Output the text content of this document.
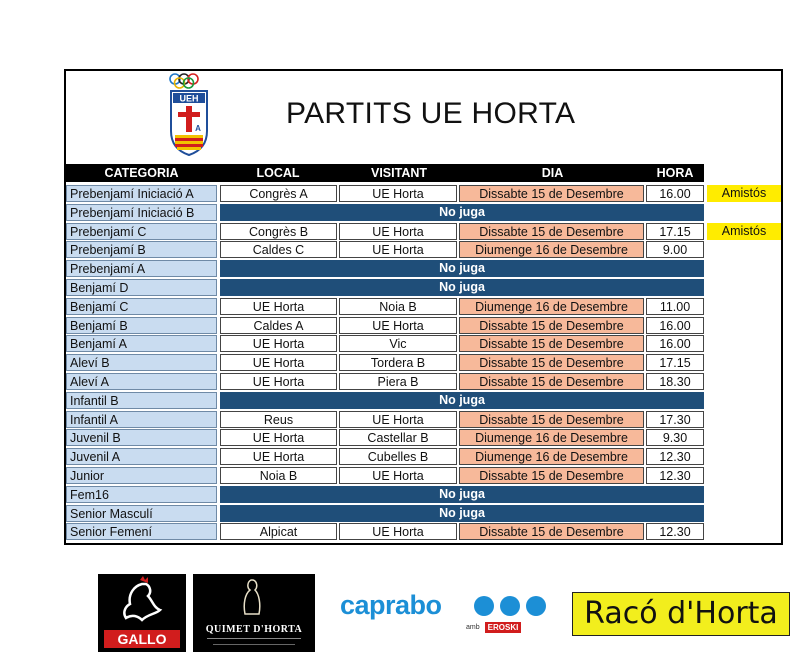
UEH
A	PARTITS UE HORTA
CATEGORIA	LOCAL	VISITANT	DIA	HORA
Prebenjamí Iniciació A	Congrès A	UE Horta	Dissabte 15 de Desembre	16.00	Amistós
Prebenjamí Iniciació B	No juga
Prebenjamí C	Congrès B	UE Horta	Dissabte 15 de Desembre	17.15	Amistós
Prebenjamí B	Caldes C	UE Horta	Diumenge 16 de Desembre	9.00
Prebenjamí A	No juga
Benjamí D	No juga
Benjamí C	UE Horta	Noia B	Diumenge 16 de Desembre	11.00
Benjamí B	Caldes A	UE Horta	Dissabte 15 de Desembre	16.00
Benjamí A	UE Horta	Vic	Dissabte 15 de Desembre	16.00
Aleví B	UE Horta	Tordera B	Dissabte 15 de Desembre	17.15
Aleví A	UE Horta	Piera B	Dissabte 15 de Desembre	18.30
Infantil B	No juga
Infantil A	Reus	UE Horta	Dissabte 15 de Desembre	17.30
Juvenil B	UE Horta	Castellar B	Diumenge 16 de Desembre	9.30
Juvenil A	UE Horta	Cubelles B	Diumenge 16 de Desembre	12.30
Junior	Noia B	UE Horta	Dissabte 15 de Desembre	12.30
Fem16	No juga
Senior Masculí	No juga
Senior Femení	Alpicat	UE Horta	Dissabte 15 de Desembre	12.30
GALLO
QUIMET D'HORTA
caprabo
amb	EROSKI	Racó d'Horta
